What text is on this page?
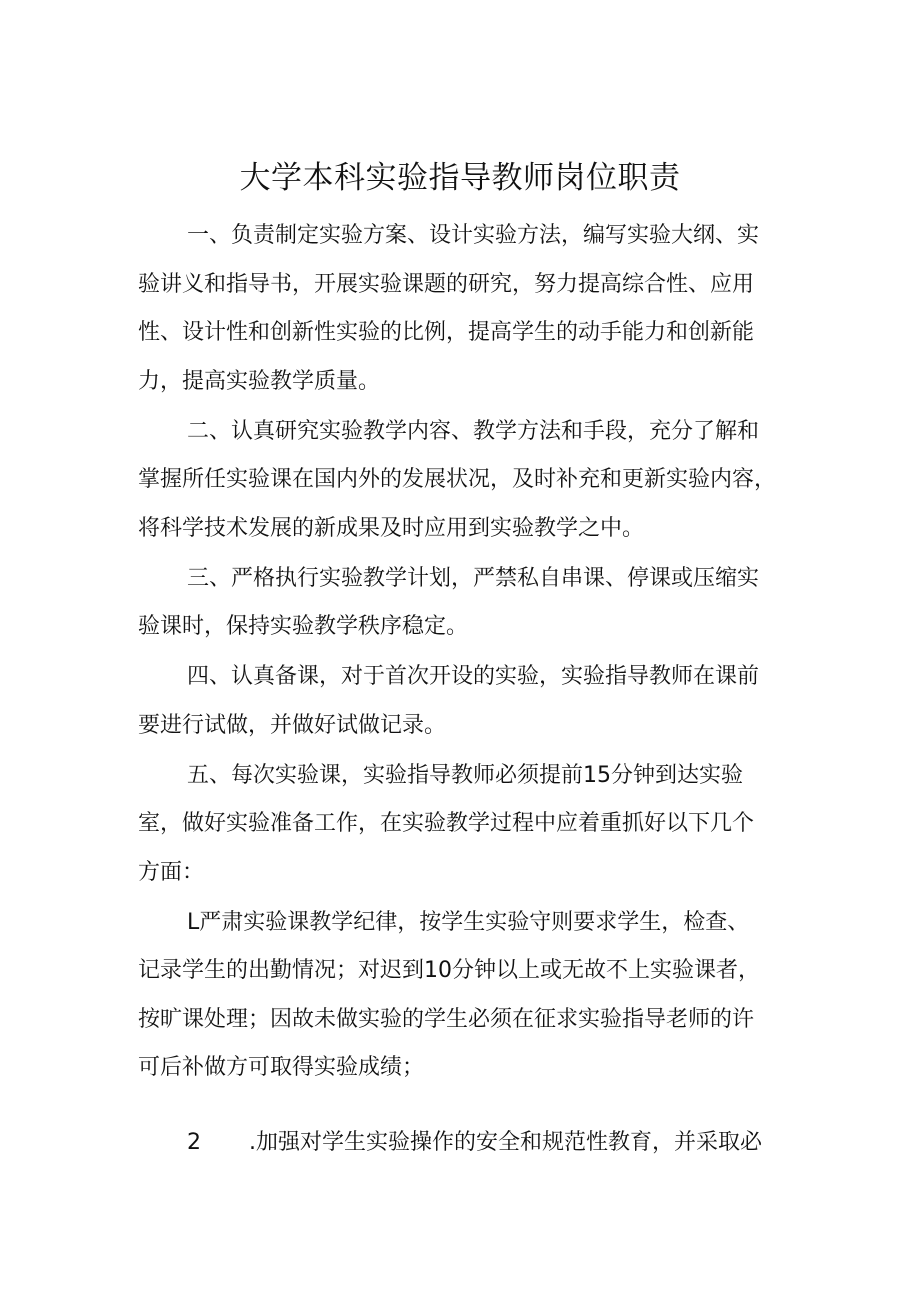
大学本科实验指导教师岗位职责
一、负责制定实验方案、设计实验方法，编写实验大纲、实
验讲义和指导书，开展实验课题的研究，努力提高综合性、应用
性、设计性和创新性实验的比例，提高学生的动手能力和创新能
力，提高实验教学质量。
二、认真研究实验教学内容、教学方法和手段，充分了解和
掌握所任实验课在国内外的发展状况，及时补充和更新实验内容，
将科学技术发展的新成果及时应用到实验教学之中。
三、严格执行实验教学计划，严禁私自串课、停课或压缩实
验课时，保持实验教学秩序稳定。
四、认真备课，对于首次开设的实验，实验指导教师在课前
要进行试做，并做好试做记录。
五、每次实验课，实验指导教师必须提前15分钟到达实验
室，做好实验准备工作，在实验教学过程中应着重抓好以下几个
方面：
L严肃实验课教学纪律，按学生实验守则要求学生，检查、
记录学生的出勤情况；对迟到10分钟以上或无故不上实验课者，
按旷课处理；因故未做实验的学生必须在征求实验指导老师的许
可后补做方可取得实验成绩；
2 .加强对学生实验操作的安全和规范性教育，并采取必
